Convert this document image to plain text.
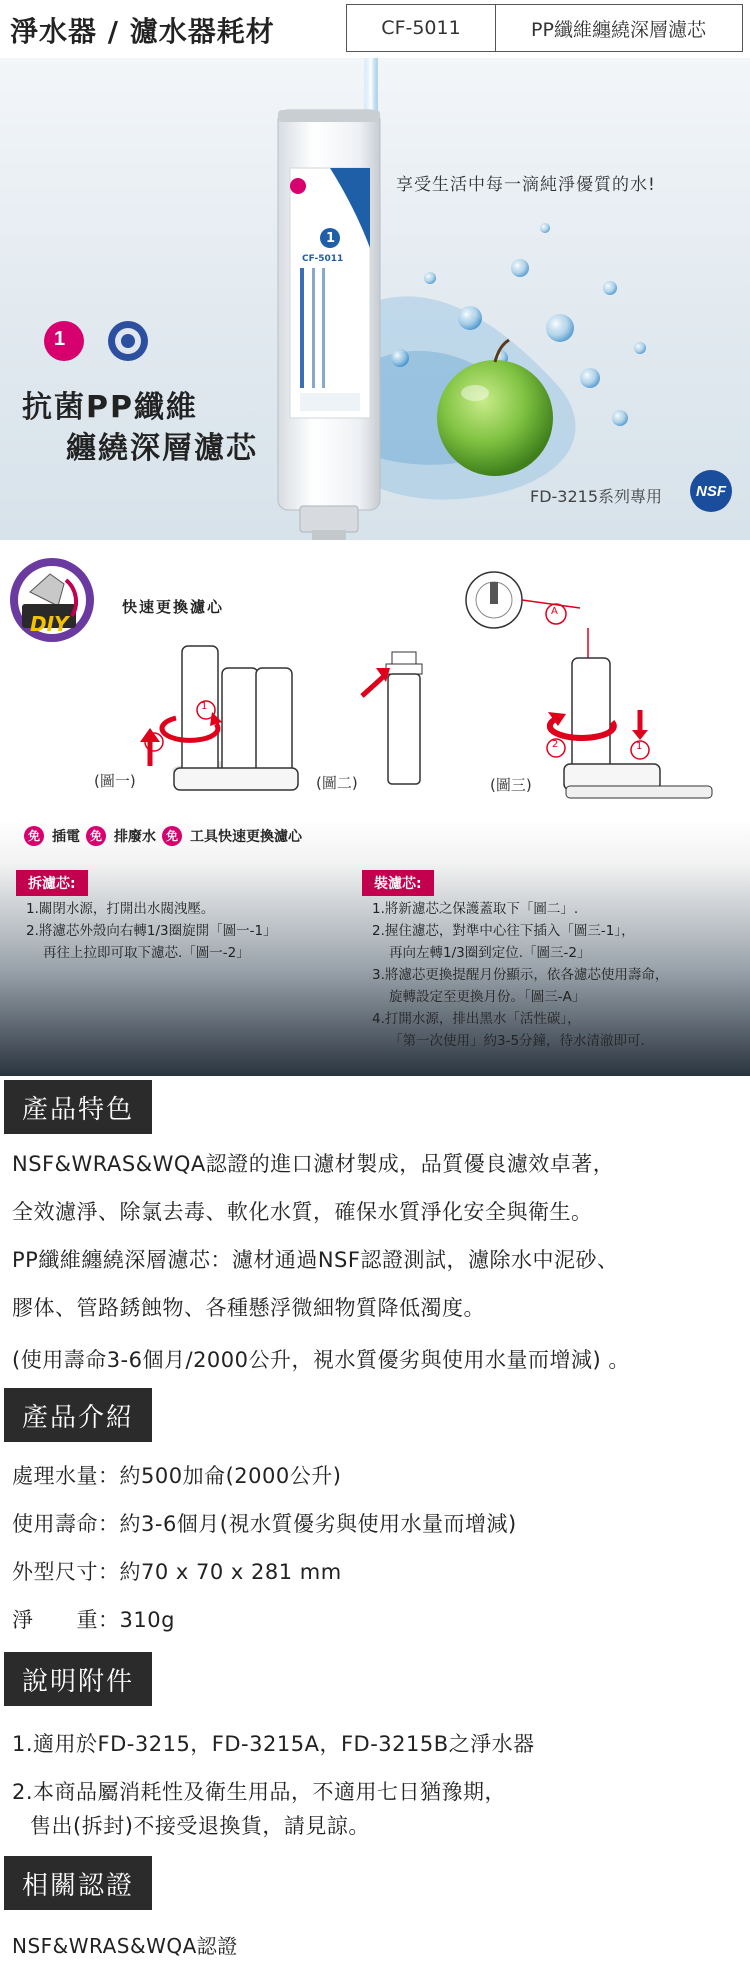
淨水器 / 濾水器耗材	CF-5011	PP纖維纏繞深層濾芯
1
1
CF-5011
享受生活中每一滴純淨優質的水!
抗菌PP纖維
纏繞深層濾芯
FD-3215系列專用	NSF
DIY
1
2
A
1
2
快速更換濾心
(圖一)	(圖二)	(圖三)
免 插電 免 排廢水 免 工具快速更換濾心
拆濾芯:
1.關閉水源，打開出水閥洩壓。
2.將濾芯外殼向右轉1/3圈旋開「圖一-1」

再往上拉即可取下濾芯.「圖一-2」
裝濾芯:
1.將新濾芯之保護蓋取下「圖二」.
2.握住濾芯，對準中心往下插入「圖三-1」，

再向左轉1/3圈到定位.「圖三-2」
3.將濾芯更換提醒月份顯示，依各濾芯使用壽命，

旋轉設定至更換月份。「圖三-A」
4.打開水源，排出黑水「活性碳」，

「第一次使用」約3-5分鐘，待水清澈即可.
產品特色
NSF&WRAS&WQA認證的進口濾材製成，品質優良濾效卓著，
全效濾淨、除氯去毒、軟化水質，確保水質淨化安全與衛生。
PP纖維纏繞深層濾芯：濾材通過NSF認證測試，濾除水中泥砂、
膠体、管路銹蝕物、各種懸浮微細物質降低濁度。
(使用壽命3-6個月/2000公升，視水質優劣與使用水量而增減) 。
產品介紹
處理水量：約500加侖(2000公升)
使用壽命：約3-6個月(視水質優劣與使用水量而增減)
外型尺寸：約70 x 70 x 281 mm
淨　　重：310g
說明附件
1.適用於FD-3215，FD-3215A，FD-3215B之淨水器
2.本商品屬消耗性及衛生用品，不適用七日猶豫期，
售出(拆封)不接受退換貨，請見諒。
相關認證
NSF&WRAS&WQA認證
